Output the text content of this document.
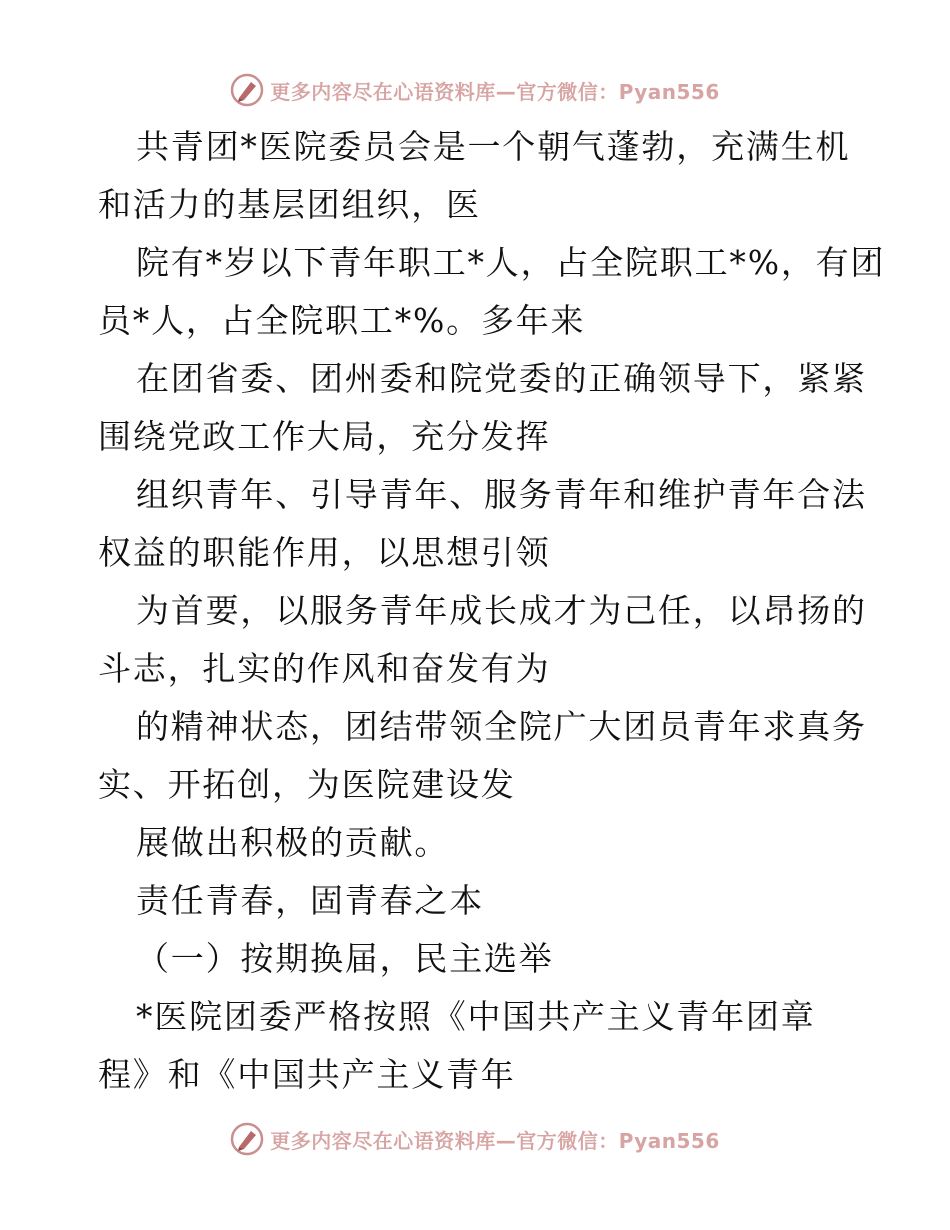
更多内容尽在心语资料库—官方微信：Pyan556
共青团*医院委员会是一个朝气蓬勃，充满生机
和活力的基层团组织，医
院有*岁以下青年职工*人，占全院职工*%，有团
员*人，占全院职工*%。多年来
在团省委、团州委和院党委的正确领导下，紧紧
围绕党政工作大局，充分发挥
组织青年、引导青年、服务青年和维护青年合法
权益的职能作用，以思想引领
为首要，以服务青年成长成才为己任，以昂扬的
斗志，扎实的作风和奋发有为
的精神状态，团结带领全院广大团员青年求真务
实、开拓创，为医院建设发
展做出积极的贡献。
责任青春，固青春之本
（一）按期换届，民主选举
*医院团委严格按照《中国共产主义青年团章
程》和《中国共产主义青年
更多内容尽在心语资料库—官方微信：Pyan556
